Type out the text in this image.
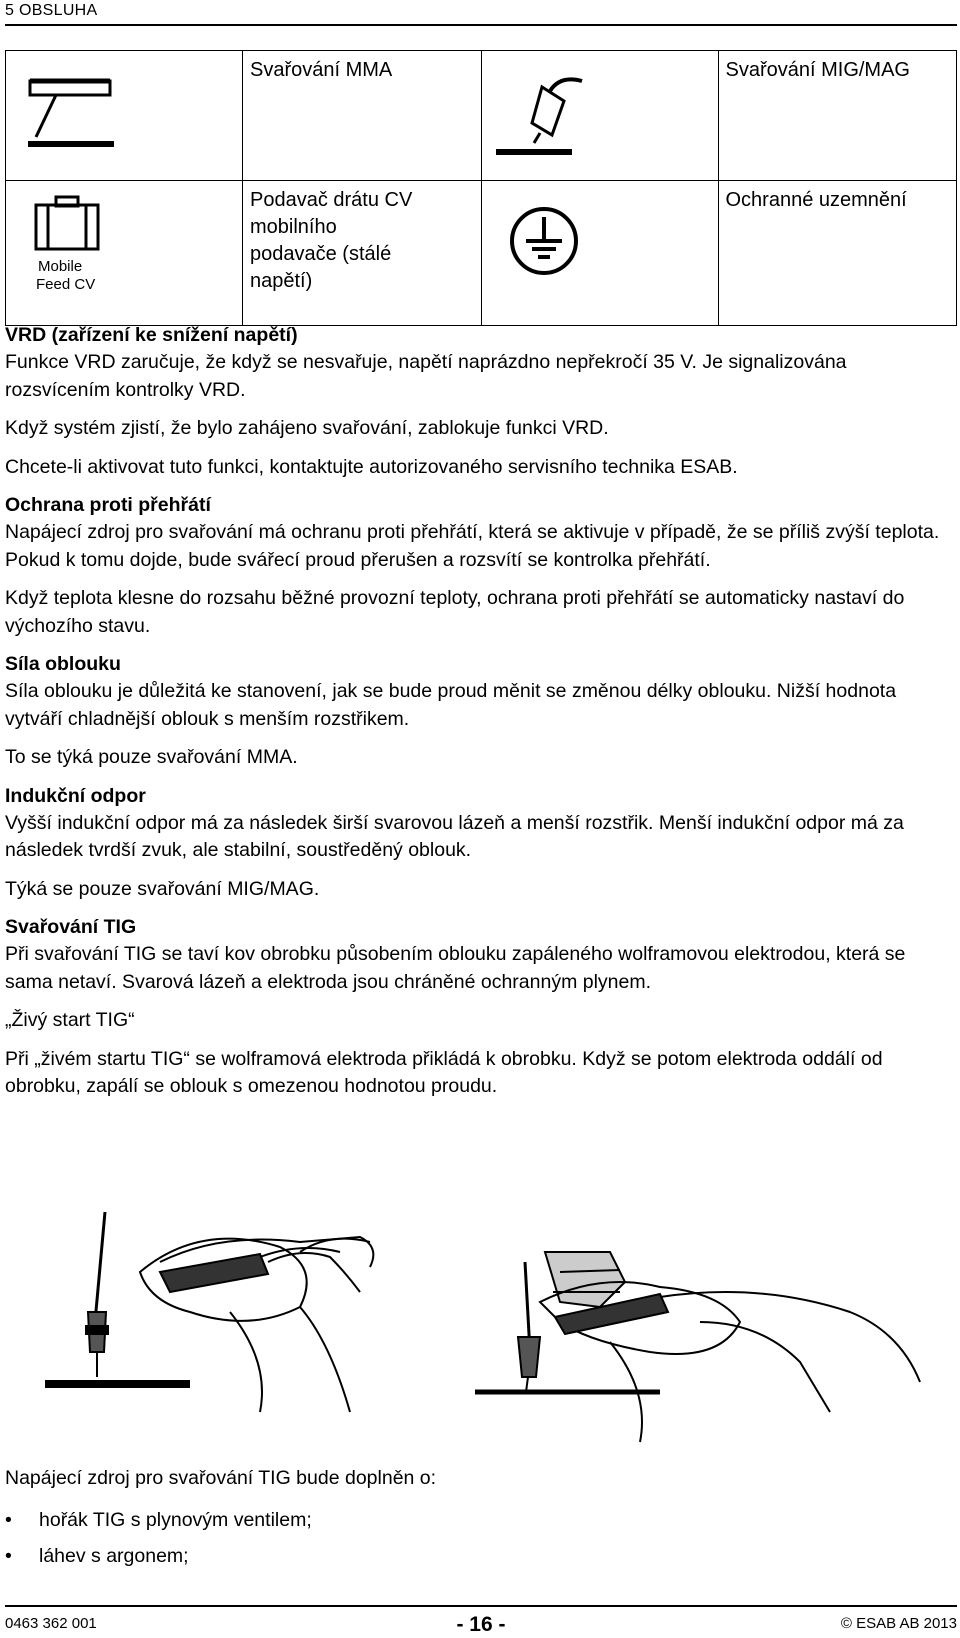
5 OBSLUHA
	Svařování MMA		Svařování MIG/MAG

Mobile
Feed CV	Podavač drátu CV mobilního podavače (stálé napětí)		Ochranné uzemnění
VRD (zařízení ke snížení napětí)

Funkce VRD zaručuje, že když se nesvařuje, napětí naprázdno nepřekročí 35 V. Je signalizována rozsvícením kontrolky VRD.

Když systém zjistí, že bylo zahájeno svařování, zablokuje funkci VRD.

Chcete-li aktivovat tuto funkci, kontaktujte autorizovaného servisního technika ESAB.

Ochrana proti přehřátí

Napájecí zdroj pro svařování má ochranu proti přehřátí, která se aktivuje v případě, že se příliš zvýší teplota. Pokud k tomu dojde, bude svářecí proud přerušen a rozsvítí se kontrolka přehřátí.

Když teplota klesne do rozsahu běžné provozní teploty, ochrana proti přehřátí se automaticky nastaví do výchozího stavu.

Síla oblouku

Síla oblouku je důležitá ke stanovení, jak se bude proud měnit se změnou délky oblouku. Nižší hodnota vytváří chladnější oblouk s menším rozstřikem.

To se týká pouze svařování MMA.

Indukční odpor

Vyšší indukční odpor má za následek širší svarovou lázeň a menší rozstřik. Menší indukční odpor má za následek tvrdší zvuk, ale stabilní, soustředěný oblouk.

Týká se pouze svařování MIG/MAG.

Svařování TIG

Při svařování TIG se taví kov obrobku působením oblouku zapáleného wolframovou elektrodou, která se sama netaví. Svarová lázeň a elektroda jsou chráněné ochranným plynem.

„Živý start TIG“

Při „živém startu TIG“ se wolframová elektroda přikládá k obrobku. Když se potom elektroda oddálí od obrobku, zapálí se oblouk s omezenou hodnotou proudu.

Napájecí zdroj pro svařování TIG bude doplněn o:
• hořák TIG s plynovým ventilem;
• láhev s argonem;
0463 362 001	- 16 -	© ESAB AB 2013
